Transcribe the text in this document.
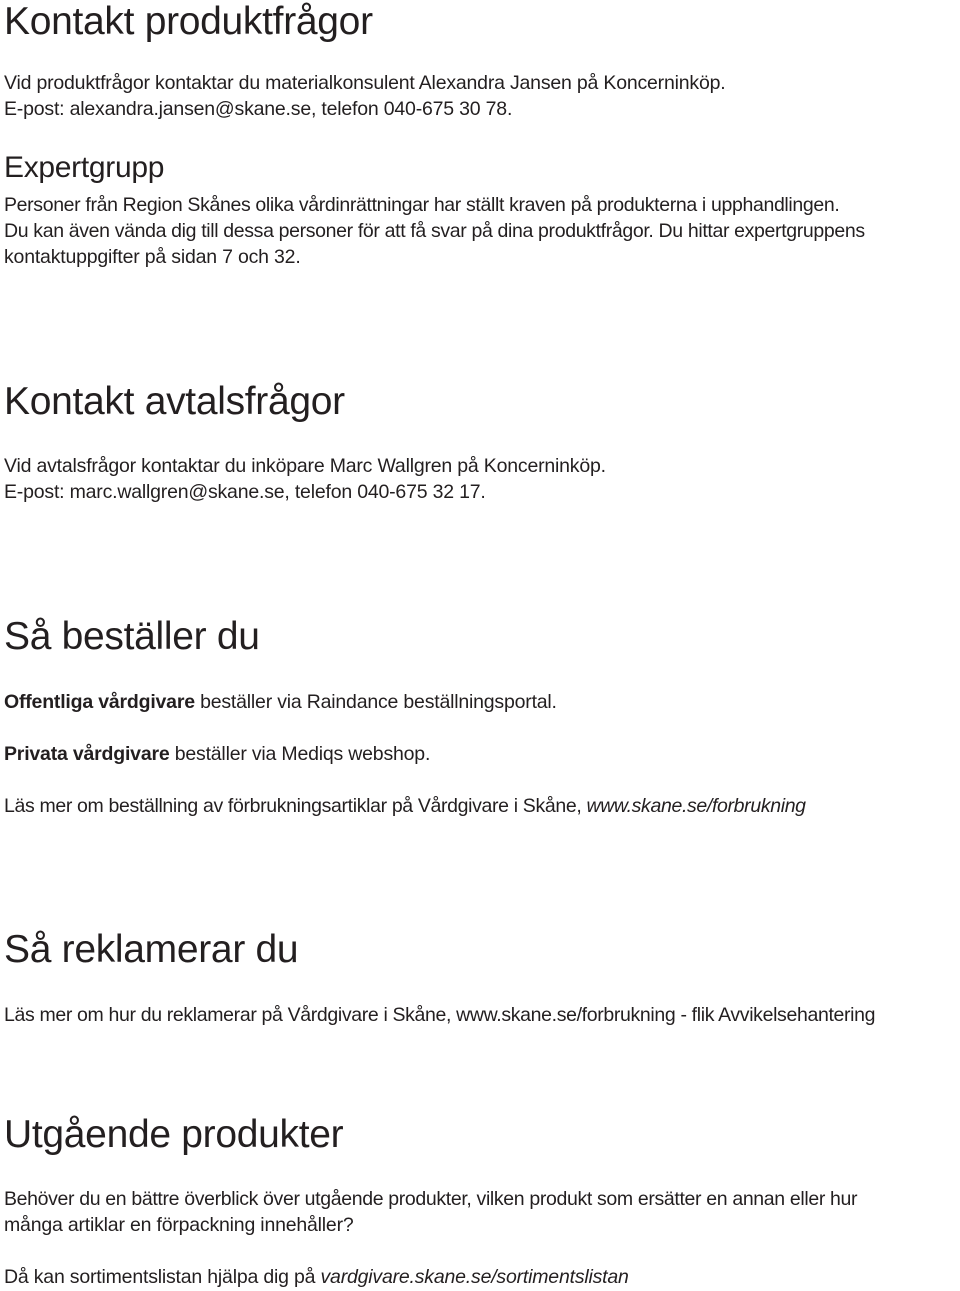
Kontakt produktfrågor

Vid produktfrågor kontaktar du materialkonsulent Alexandra Jansen på Koncerninköp.

E-post: alexandra.jansen@skane.se, telefon 040-675 30 78.

Expertgrupp

Personer från Region Skånes olika vårdinrättningar har ställt kraven på produkterna i upphandlingen.

Du kan även vända dig till dessa personer för att få svar på dina produktfrågor. Du hittar expertgruppens

kontaktuppgifter på sidan 7 och 32.

Kontakt avtalsfrågor

Vid avtalsfrågor kontaktar du inköpare Marc Wallgren på Koncerninköp.

E-post: marc.wallgren@skane.se, telefon 040-675 32 17.

Så beställer du

Offentliga vårdgivare beställer via Raindance beställningsportal.

Privata vårdgivare beställer via Mediqs webshop.

Läs mer om beställning av förbrukningsartiklar på Vårdgivare i Skåne, www.skane.se/forbrukning

Så reklamerar du

Läs mer om hur du reklamerar på Vårdgivare i Skåne, www.skane.se/forbrukning - flik Avvikelsehantering

Utgående produkter

Behöver du en bättre överblick över utgående produkter, vilken produkt som ersätter en annan eller hur

många artiklar en förpackning innehåller?

Då kan sortimentslistan hjälpa dig på vardgivare.skane.se/sortimentslistan
